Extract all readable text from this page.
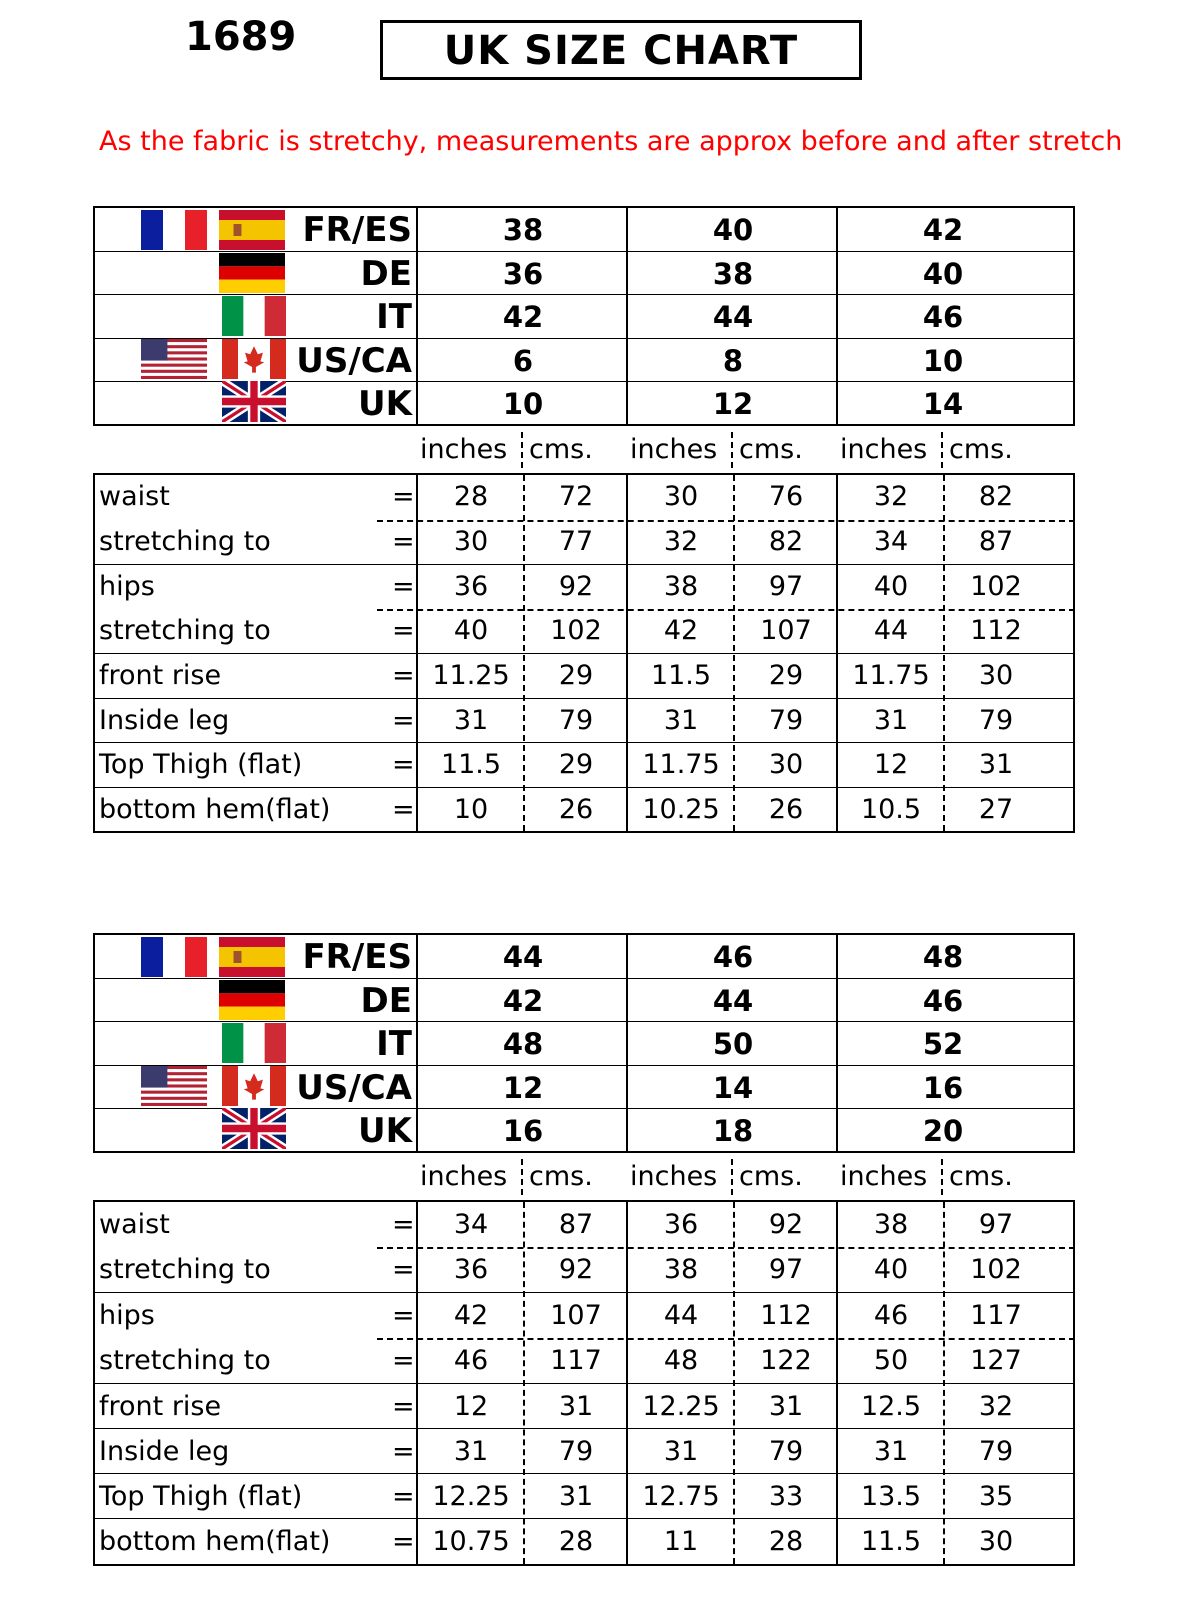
1689	UK SIZE CHART
As the fabric is stretchy, measurements are approx before and after stretch
FR/ES	38	40	42
DE	36	38	40
IT	42	44	46
US/CA	6	8	10
UK	10	12	14
inches cms. inches cms. inches cms.
waist	=	28	72	30	76	32	82
stretching to	=	30	77	32	82	34	87
hips	=	36	92	38	97	40	102
stretching to	=	40	102	42	107	44	112
front rise	= 11.25	29	11.5	29	11.75	30
Inside leg	=	31	79	31	79	31	79
Top Thigh (flat)	= 11.5	29	11.75	30	12	31
bottom hem(flat) =	10	26	10.25	26	10.5	27
FR/ES	44	46	48
DE	42	44	46
IT	48	50	52
US/CA	12	14	16
UK	16	18	20
inches cms. inches cms. inches cms.
waist	=	34	87	36	92	38	97
stretching to	=	36	92	38	97	40	102
hips	=	42	107	44	112	46	117
stretching to	=	46	117	48	122	50	127
front rise	=	12	31	12.25	31	12.5	32
Inside leg	=	31	79	31	79	31	79
Top Thigh (flat)	= 12.25	31	12.75	33	13.5	35
bottom hem(flat) = 10.75	28	11	28	11.5	30
